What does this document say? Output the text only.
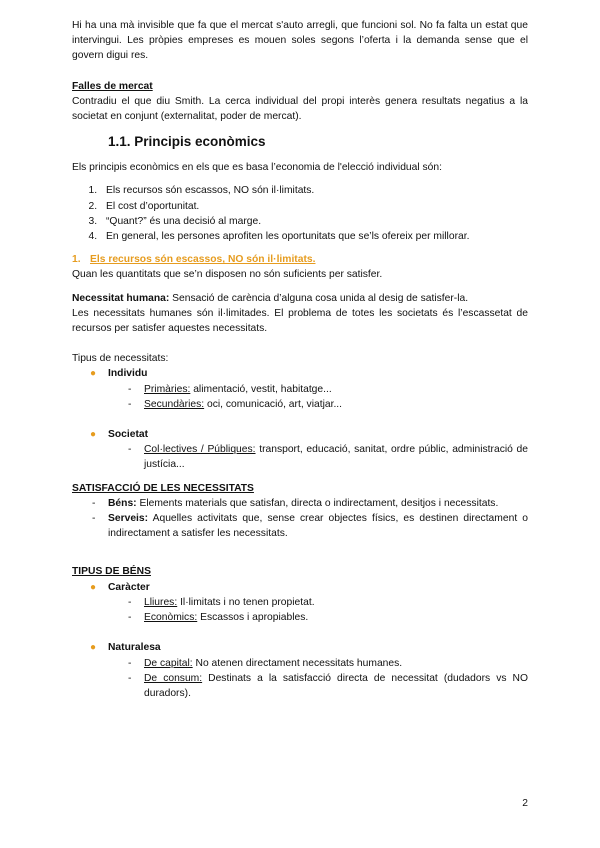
Hi ha una mà invisible que fa que el mercat s'auto arregli, que funcioni sol. No fa falta un estat que intervingui. Les pròpies empreses es mouen soles segons l’oferta i la demanda sense que el govern digui res.

Falles de mercat

Contradiu el que diu Smith. La cerca individual del propi interès genera resultats negatius a la societat en conjunt (externalitat, poder de mercat).

1.1. Principis econòmics

Els principis econòmics en els que es basa l’economia de l'elecció individual són:

1. Els recursos són escassos, NO són il·limitats.
2. El cost d’oportunitat.
3. “Quant?” és una decisió al marge.
4. En general, les persones aprofiten les oportunitats que se’ls ofereix per millorar.

1. Els recursos són escassos, NO són il·limitats.

Quan les quantitats que se’n disposen no són suficients per satisfer.

Necessitat humana: Sensació de carència d’alguna cosa unida al desig de satisfer-la.

Les necessitats humanes són il·limitades. El problema de totes les societats és l’escassetat de recursos per satisfer aquestes necessitats.

Tipus de necessitats:

● Individu
- Primàries: alimentació, vestit, habitatge...
- Secundàries: oci, comunicació, art, viatjar...
● Societat
- Col·lectives / Públiques: transport, educació, sanitat, ordre públic, administració de justícia...

SATISFACCIÓ DE LES NECESSITATS

- Béns: Elements materials que satisfan, directa o indirectament, desitjos i necessitats.
- Serveis: Aquelles activitats que, sense crear objectes físics, es destinen directament o indirectament a satisfer les necessitats.

TIPUS DE BÉNS

● Caràcter
- Lliures: Il·limitats i no tenen propietat.
- Econòmics: Escassos i apropiables.
● Naturalesa
- De capital: No atenen directament necessitats humanes.
- De consum: Destinats a la satisfacció directa de necessitat (dudadors vs NO duradors).
2
